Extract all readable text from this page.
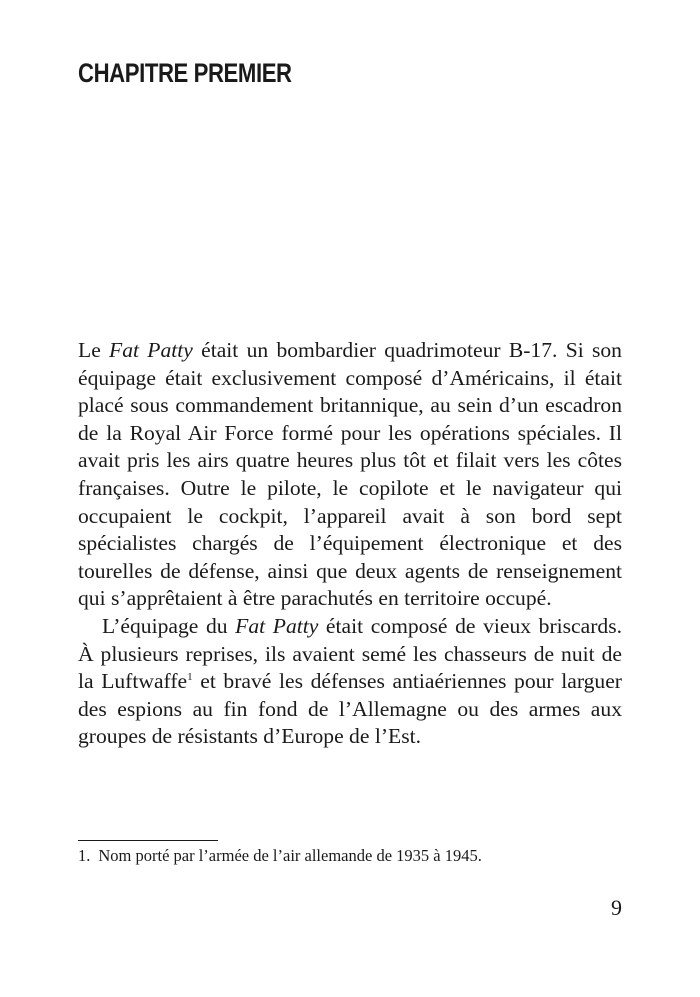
CHAPITRE PREMIER

Le Fat Patty était un bombardier quadrimoteur B-17. Si son équipage était exclusivement composé d’Américains, il était placé sous commandement britannique, au sein d’un escadron de la Royal Air Force formé pour les opérations spéciales. Il avait pris les airs quatre heures plus tôt et filait vers les côtes françaises. Outre le pilote, le copilote et le navigateur qui occupaient le cockpit, l’appareil avait à son bord sept spécialistes chargés de l’équipement électronique et des tourelles de défense, ainsi que deux agents de renseignement qui s’apprêtaient à être parachutés en territoire occupé.

L’équipage du Fat Patty était composé de vieux briscards. À plusieurs reprises, ils avaient semé les chasseurs de nuit de la Luftwaffe$^1$ et bravé les défenses antiaériennes pour larguer des espions au fin fond de l’Allemagne ou des armes aux groupes de résistants d’Europe de l’Est.

1. Nom porté par l’armée de l’air allemande de 1935 à 1945.

9
